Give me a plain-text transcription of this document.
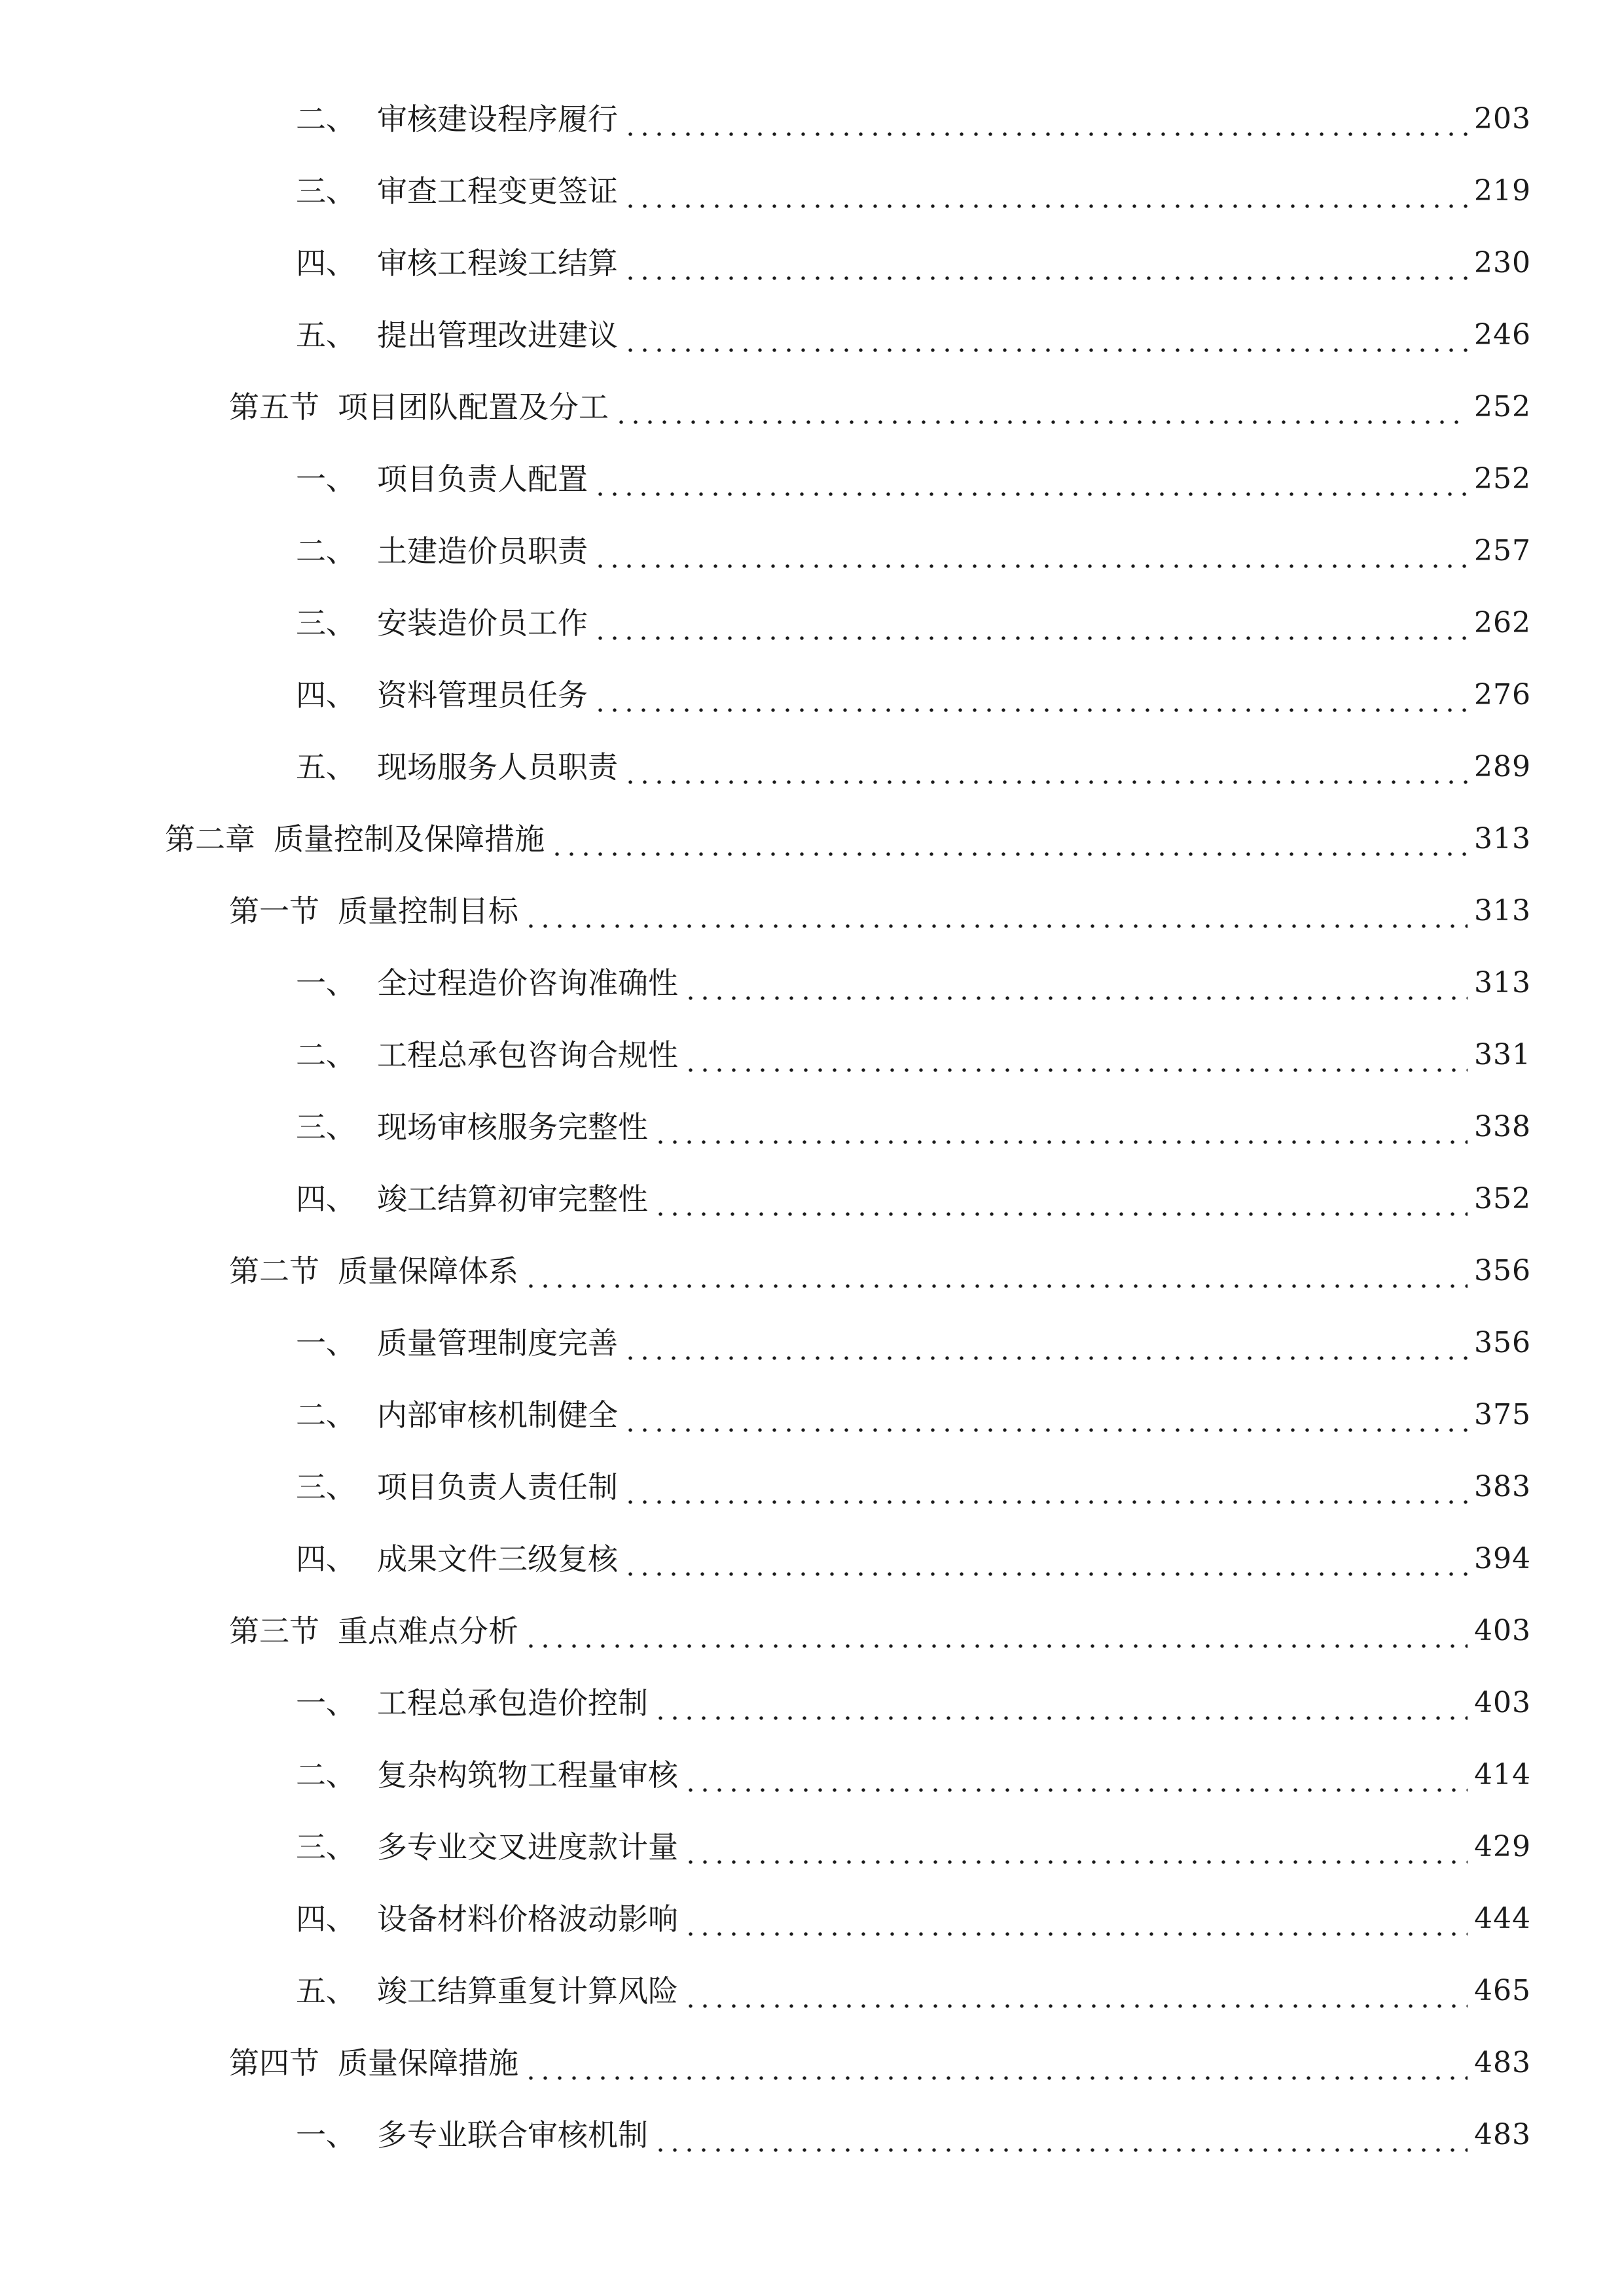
二、 审核建设程序履行	203
三、 审查工程变更签证	219
四、 审核工程竣工结算	230
五、 提出管理改进建议	246
第五节 项目团队配置及分工	252
一、 项目负责人配置	252
二、 土建造价员职责	257
三、 安装造价员工作	262
四、 资料管理员任务	276
五、 现场服务人员职责	289
第二章 质量控制及保障措施	313
第一节 质量控制目标	313
一、 全过程造价咨询准确性	313
二、 工程总承包咨询合规性	331
三、 现场审核服务完整性	338
四、 竣工结算初审完整性	352
第二节 质量保障体系	356
一、 质量管理制度完善	356
二、 内部审核机制健全	375
三、 项目负责人责任制	383
四、 成果文件三级复核	394
第三节 重点难点分析	403
一、 工程总承包造价控制	403
二、 复杂构筑物工程量审核	414
三、 多专业交叉进度款计量	429
四、 设备材料价格波动影响	444
五、 竣工结算重复计算风险	465
第四节 质量保障措施	483
一、 多专业联合审核机制	483
